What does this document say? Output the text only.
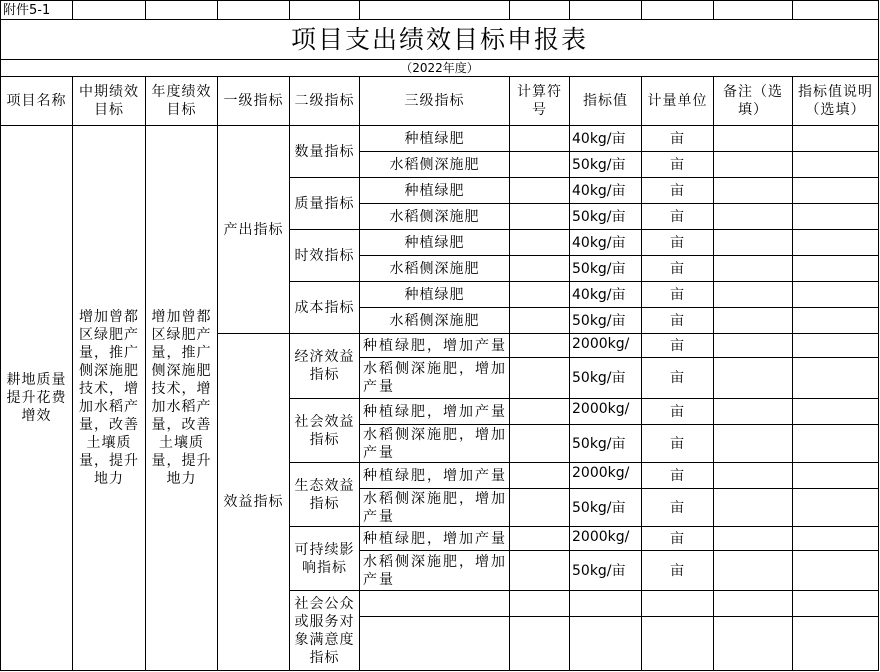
附件5-1										
项目支出绩效目标申报表										
（2022年度）										
项目名称	中期绩效目标	年度绩效目标	一级指标	二级指标	三级指标	计算符号	指标值	计量单位	备注（选填）	指标值说明（选填）
耕地质量提升花费增效	增加曾都区绿肥产量，推广侧深施肥技术，增加水稻产量，改善土壤质量，提升地力	增加曾都区绿肥产量，推广侧深施肥技术，增加水稻产量，改善土壤质量，提升地力	产出指标	数量指标	种植绿肥		40kg/亩	亩		
					水稻侧深施肥		50kg/亩	亩		
				质量指标	种植绿肥		40kg/亩	亩		
					水稻侧深施肥		50kg/亩	亩		
				时效指标	种植绿肥		40kg/亩	亩		
					水稻侧深施肥		50kg/亩	亩		
				成本指标	种植绿肥		40kg/亩	亩		
					水稻侧深施肥		50kg/亩	亩		
			效益指标	经济效益指标	种植绿肥，增加产量		2000kg/	亩		
					水稻侧深施肥，增加产量		50kg/亩	亩		
				社会效益指标	种植绿肥，增加产量		2000kg/	亩		
					水稻侧深施肥，增加产量		50kg/亩	亩		
				生态效益指标	种植绿肥，增加产量		2000kg/	亩		
					水稻侧深施肥，增加产量		50kg/亩	亩		
				可持续影响指标	种植绿肥，增加产量		2000kg/	亩		
					水稻侧深施肥，增加产量		50kg/亩	亩		
				社会公众或服务对象满意度指标						
